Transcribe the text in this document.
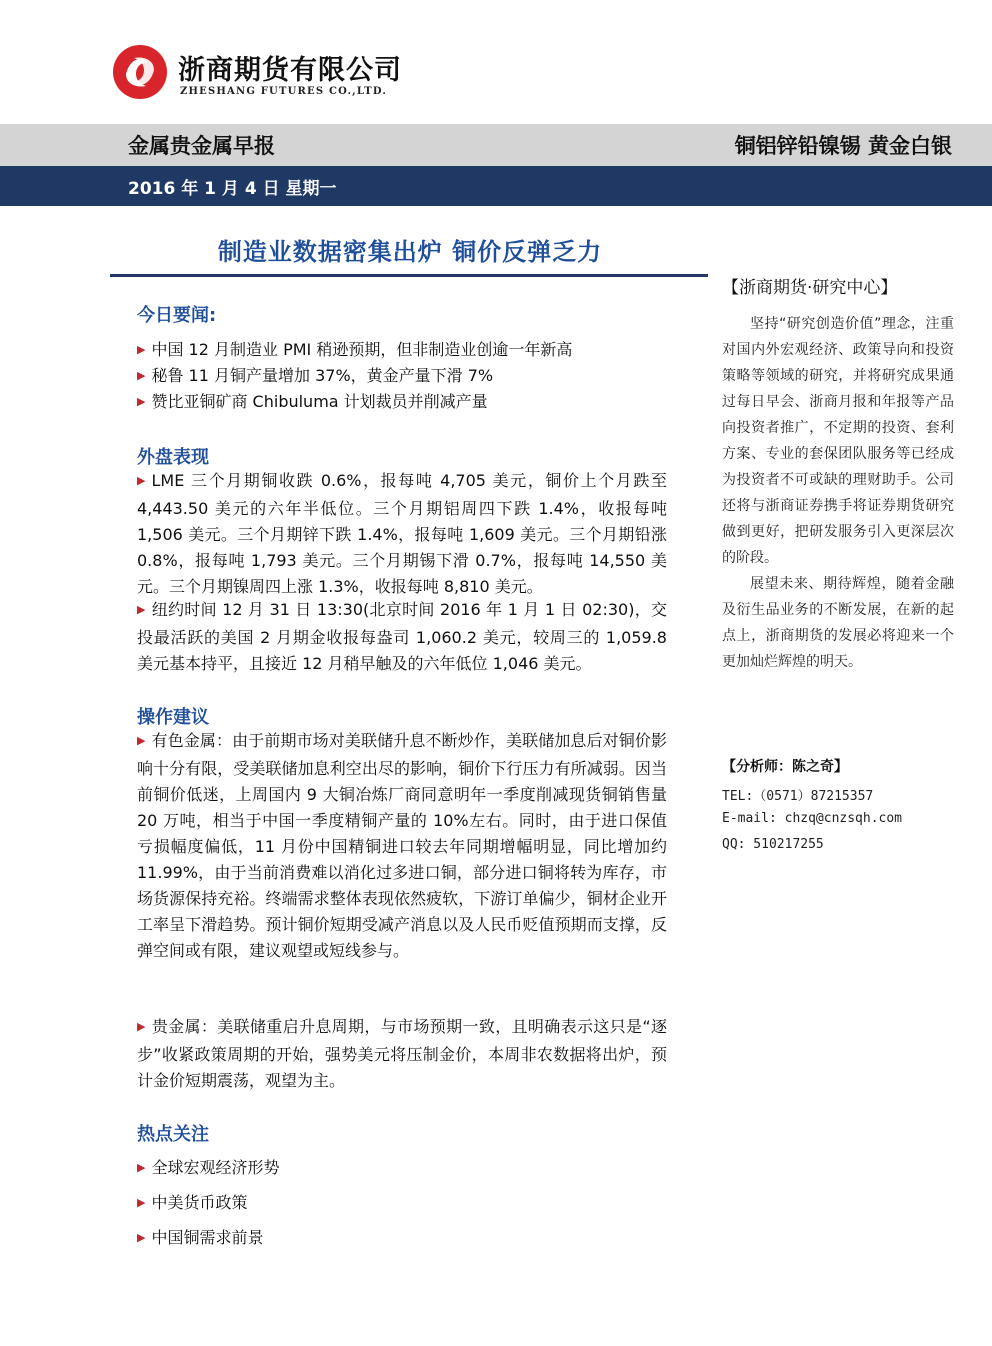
浙商期货有限公司
ZHESHANG FUTURES CO.,LTD.
金属贵金属早报	铜铝锌铅镍锡 黄金白银
2016 年 1 月 4 日 星期一
制造业数据密集出炉 铜价反弹乏力
今日要闻:
▶ 中国 12 月制造业 PMI 稍逊预期，但非制造业创逾一年新高
▶ 秘鲁 11 月铜产量增加 37%，黄金产量下滑 7%
▶ 赞比亚铜矿商 Chibuluma 计划裁员并削减产量
外盘表现
▶ LME 三个月期铜收跌 0.6%，报每吨 4,705 美元，铜价上个月跌至 4,443.50 美元的六年半低位。三个月期铝周四下跌 1.4%，收报每吨 1,506 美元。三个月期锌下跌 1.4%，报每吨 1,609 美元。三个月期铅涨 0.8%，报每吨 1,793 美元。三个月期锡下滑 0.7%，报每吨 14,550 美元。三个月期镍周四上涨 1.3%，收报每吨 8,810 美元。
▶ 纽约时间 12 月 31 日 13:30(北京时间 2016 年 1 月 1 日 02:30)，交投最活跃的美国 2 月期金收报每盎司 1,060.2 美元，较周三的 1,059.8 美元基本持平，且接近 12 月稍早触及的六年低位 1,046 美元。
操作建议
▶ 有色金属：由于前期市场对美联储升息不断炒作，美联储加息后对铜价影响十分有限，受美联储加息利空出尽的影响，铜价下行压力有所减弱。因当前铜价低迷，上周国内 9 大铜冶炼厂商同意明年一季度削减现货铜销售量 20 万吨，相当于中国一季度精铜产量的 10%左右。同时，由于进口保值亏损幅度偏低，11 月份中国精铜进口较去年同期增幅明显，同比增加约 11.99%，由于当前消费难以消化过多进口铜，部分进口铜将转为库存，市场货源保持充裕。终端需求整体表现依然疲软，下游订单偏少，铜材企业开工率呈下滑趋势。预计铜价短期受减产消息以及人民币贬值预期而支撑，反弹空间或有限，建议观望或短线参与。
▶ 贵金属：美联储重启升息周期，与市场预期一致，且明确表示这只是“逐步”收紧政策周期的开始，强势美元将压制金价，本周非农数据将出炉，预计金价短期震荡，观望为主。
热点关注
▶ 全球宏观经济形势
▶ 中美货币政策
▶ 中国铜需求前景
【浙商期货·研究中心】
坚持“研究创造价值”理念，注重对国内外宏观经济、政策导向和投资策略等领域的研究，并将研究成果通过每日早会、浙商月报和年报等产品向投资者推广，不定期的投资、套利方案、专业的套保团队服务等已经成为投资者不可或缺的理财助手。公司还将与浙商证券携手将证券期货研究做到更好，把研发服务引入更深层次的阶段。
展望未来、期待辉煌，随着金融及衍生品业务的不断发展，在新的起点上，浙商期货的发展必将迎来一个更加灿烂辉煌的明天。
【分析师：陈之奇】
TEL:（0571）87215357
E-mail: chzq@cnzsqh.com
QQ: 510217255
